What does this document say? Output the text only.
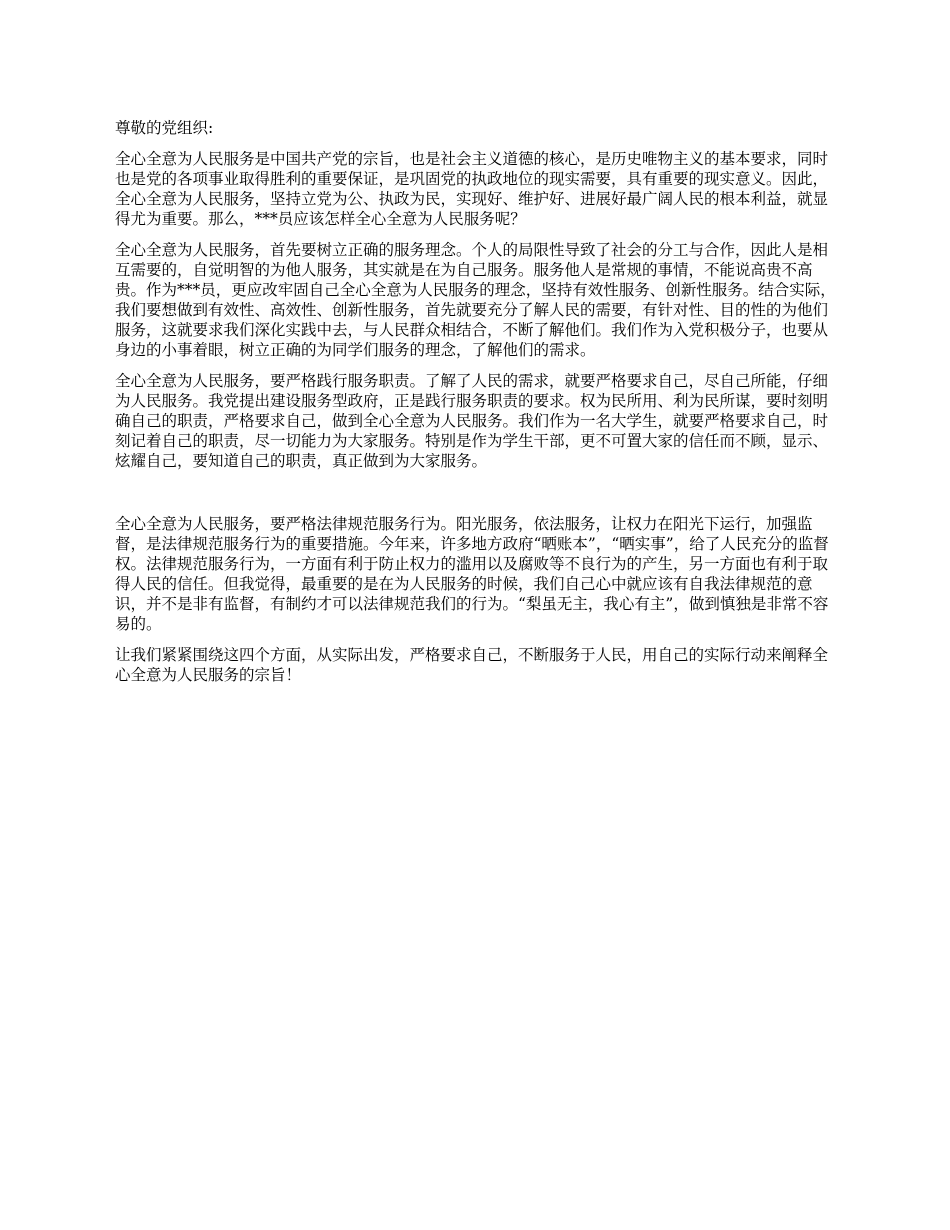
尊敬的党组织:

全心全意为人民服务是中国共产党的宗旨，也是社会主义道德的核心，是历史唯物主义的基本要求，同时也是党的各项事业取得胜利的重要保证，是巩固党的执政地位的现实需要，具有重要的现实意义。因此，全心全意为人民服务，坚持立党为公、执政为民，实现好、维护好、进展好最广阔人民的根本利益，就显得尤为重要。那么，***员应该怎样全心全意为人民服务呢？

全心全意为人民服务，首先要树立正确的服务理念。个人的局限性导致了社会的分工与合作，因此人是相互需要的，自觉明智的为他人服务，其实就是在为自己服务。服务他人是常规的事情，不能说高贵不高贵。作为***员，更应改牢固自己全心全意为人民服务的理念，坚持有效性服务、创新性服务。结合实际，我们要想做到有效性、高效性、创新性服务，首先就要充分了解人民的需要，有针对性、目的性的为他们服务，这就要求我们深化实践中去，与人民群众相结合，不断了解他们。我们作为入党积极分子，也要从身边的小事着眼，树立正确的为同学们服务的理念，了解他们的需求。

全心全意为人民服务，要严格践行服务职责。了解了人民的需求，就要严格要求自己，尽自己所能，仔细为人民服务。我党提出建设服务型政府，正是践行服务职责的要求。权为民所用、利为民所谋，要时刻明确自己的职责，严格要求自己，做到全心全意为人民服务。我们作为一名大学生，就要严格要求自己，时刻记着自己的职责，尽一切能力为大家服务。特别是作为学生干部，更不可置大家的信任而不顾，显示、炫耀自己，要知道自己的职责，真正做到为大家服务。

全心全意为人民服务，要严格法律规范服务行为。阳光服务，依法服务，让权力在阳光下运行，加强监督，是法律规范服务行为的重要措施。今年来，许多地方政府“晒账本”，“晒实事”，给了人民充分的监督权。法律规范服务行为，一方面有利于防止权力的滥用以及腐败等不良行为的产生，另一方面也有利于取得人民的信任。但我觉得，最重要的是在为人民服务的时候，我们自己心中就应该有自我法律规范的意识，并不是非有监督，有制约才可以法律规范我们的行为。“梨虽无主，我心有主”，做到慎独是非常不容易的。

让我们紧紧围绕这四个方面，从实际出发，严格要求自己，不断服务于人民，用自己的实际行动来阐释全心全意为人民服务的宗旨！
